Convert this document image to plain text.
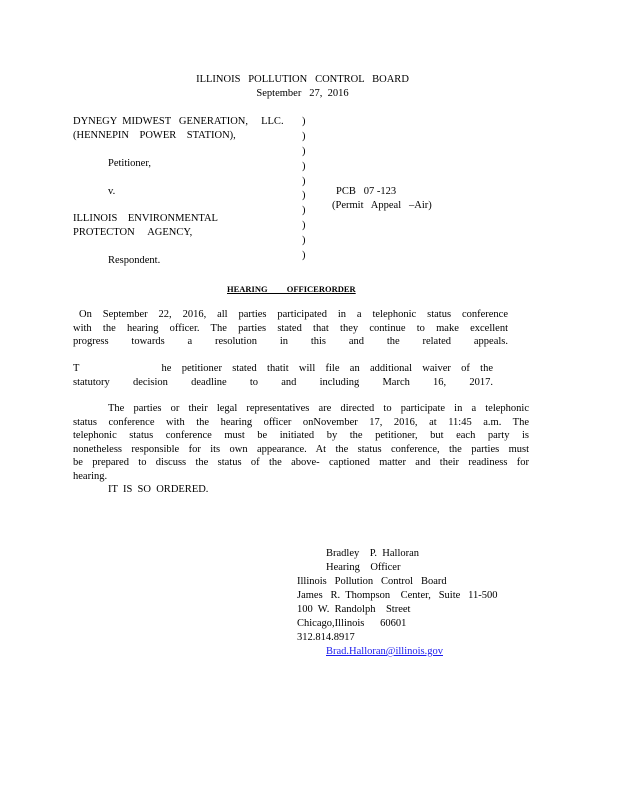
ILLINOIS   POLLUTION   CONTROL   BOARD
September   27,  2016
DYNEGY  MIDWEST   GENERATION,     LLC.
(HENNEPIN    POWER    STATION),
Petitioner,
v.
ILLINOIS    ENVIRONMENTAL
PROTECTON     AGENCY,
Respondent.
)
)
)
)
)
)
)
)
)
)
PCB   07 -123
(Permit   Appeal   –Air)
HEARING         OFFICERORDER
On September 22, 2016, all parties participated in a telephonic status conference with the hearing officer. The parties stated that they continue to make excellent progress towards a resolution in this and the related appeals.
T        he petitioner stated thatit will file an additional waiver of the statutory decision deadline to and including March 16, 2017.
The parties or their legal representatives are directed to participate in a telephonic status conference with the hearing officer onNovember 17, 2016, at 11:45 a.m. The telephonic status conference must be initiated by the petitioner, but each party is nonetheless responsible for its own appearance. At the status conference, the parties must be prepared to discuss the status of the above- captioned matter and their readiness for hearing.
IT  IS  SO  ORDERED.
Bradley    P.  Halloran
Hearing    Officer
Illinois   Pollution   Control   Board
James   R.  Thompson    Center,   Suite   11-500
100  W.  Randolph    Street
Chicago,Illinois      60601
312.814.8917
Brad.Halloran@illinois.gov
